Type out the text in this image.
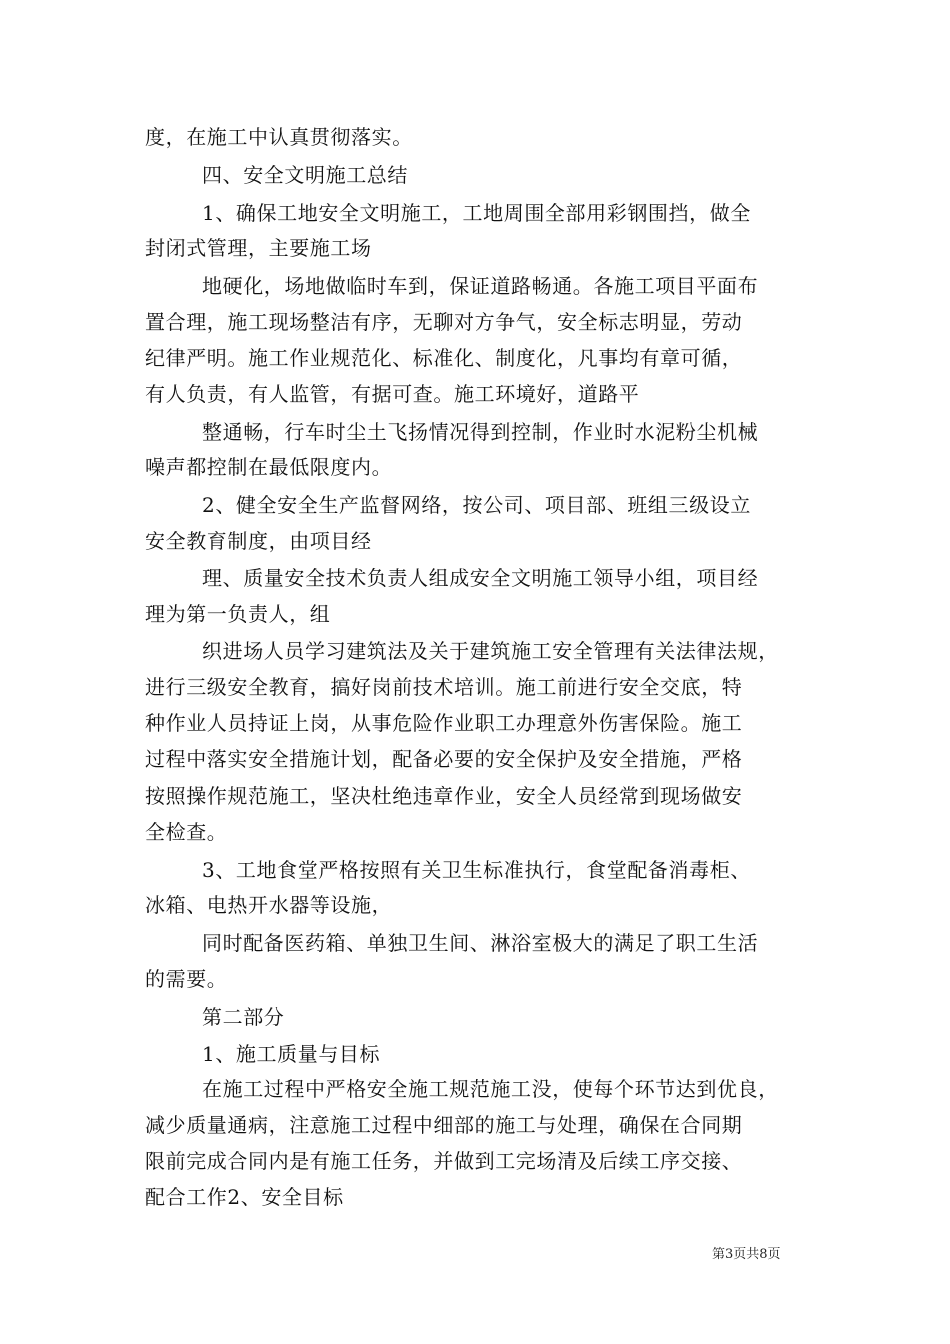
度，在施工中认真贯彻落实。
四、安全文明施工总结
1、确保工地安全文明施工，工地周围全部用彩钢围挡，做全
封闭式管理，主要施工场
地硬化，场地做临时车到，保证道路畅通。各施工项目平面布
置合理，施工现场整洁有序，无聊对方争气，安全标志明显，劳动
纪律严明。施工作业规范化、标准化、制度化，凡事均有章可循，
有人负责，有人监管，有据可查。施工环境好，道路平
整通畅，行车时尘土飞扬情况得到控制，作业时水泥粉尘机械
噪声都控制在最低限度内。
2、健全安全生产监督网络，按公司、项目部、班组三级设立
安全教育制度，由项目经
理、质量安全技术负责人组成安全文明施工领导小组，项目经
理为第一负责人，组
织进场人员学习建筑法及关于建筑施工安全管理有关法律法规，
进行三级安全教育，搞好岗前技术培训。施工前进行安全交底，特
种作业人员持证上岗，从事危险作业职工办理意外伤害保险。施工
过程中落实安全措施计划，配备必要的安全保护及安全措施，严格
按照操作规范施工，坚决杜绝违章作业，安全人员经常到现场做安
全检查。
3、工地食堂严格按照有关卫生标准执行，食堂配备消毒柜、
冰箱、电热开水器等设施，
同时配备医药箱、单独卫生间、淋浴室极大的满足了职工生活
的需要。
第二部分
1、施工质量与目标
在施工过程中严格安全施工规范施工没，使每个环节达到优良，
减少质量通病，注意施工过程中细部的施工与处理，确保在合同期
限前完成合同内是有施工任务，并做到工完场清及后续工序交接、
配合工作2、安全目标
第3页共8页
